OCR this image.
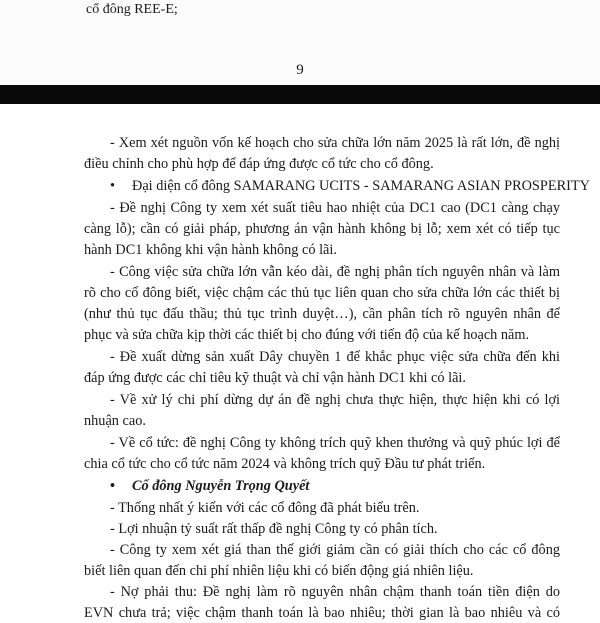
cổ đông REE-E;
9
- Xem xét nguồn vốn kế hoạch cho sửa chữa lớn năm 2025 là rất lớn, đề nghị
điều chỉnh cho phù hợp để đáp ứng được cổ tức cho cổ đông.
• Đại diện cổ đông SAMARANG UCITS - SAMARANG ASIAN PROSPERITY
- Đề nghị Công ty xem xét suất tiêu hao nhiệt của DC1 cao (DC1 càng chạy
càng lỗ); cần có giải pháp, phương án vận hành không bị lỗ; xem xét có tiếp tục
hành DC1 không khi vận hành không có lãi.
- Công việc sửa chữa lớn vẫn kéo dài, đề nghị phân tích nguyên nhân và làm
rõ cho cổ đông biết, việc chậm các thủ tục liên quan cho sửa chữa lớn các thiết bị
(như thủ tục đấu thầu; thủ tục trình duyệt…), cần phân tích rõ nguyên nhân để
phục và sửa chữa kịp thời các thiết bị cho đúng với tiến độ của kế hoạch năm.
- Đề xuất dừng sản xuất Dây chuyền 1 để khắc phục việc sửa chữa đến khi
đáp ứng được các chỉ tiêu kỹ thuật và chỉ vận hành DC1 khi có lãi.
- Về xử lý chi phí dừng dự án đề nghị chưa thực hiện, thực hiện khi có lợi
nhuận cao.
- Về cổ tức: đề nghị Công ty không trích quỹ khen thưởng và quỹ phúc lợi để
chia cổ tức cho cổ tức năm 2024 và không trích quỹ Đầu tư phát triển.
• Cổ đông Nguyễn Trọng Quyết
- Thống nhất ý kiến với các cổ đông đã phát biểu trên.
- Lợi nhuận tỷ suất rất thấp đề nghị Công ty có phân tích.
- Công ty xem xét giá than thế giới giảm cần có giải thích cho các cổ đông
biết liên quan đến chi phí nhiên liệu khi có biến động giá nhiên liệu.
- Nợ phải thu: Đề nghị làm rõ nguyên nhân chậm thanh toán tiền điện do
EVN chưa trả; việc chậm thanh toán là bao nhiêu; thời gian là bao nhiêu và có
